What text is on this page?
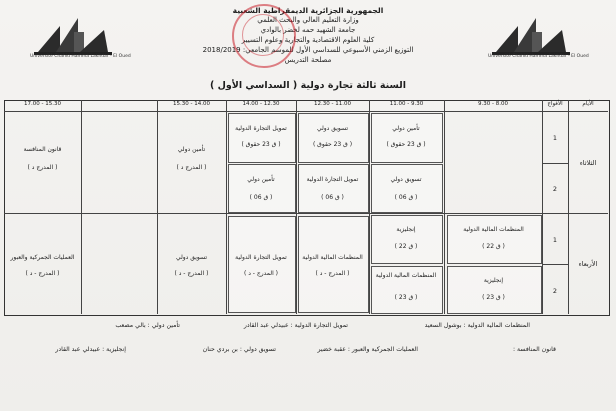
Université Chahid Hamma Lakhdar - El Oued	Université Chahid Hamma Lakhdar - El Oued
الجمهورية الجزائرية الديمقراطية الشعبية
وزارة التعليم العالي والبحث العلمي
جامعة الشهيد حمه لخضر بالوادي
كلية العلوم الاقتصادية والتجارية وعلوم التسيير
التوزيع الزمني الأسبوعي للسداسي الأول للموسم الجامعي: 2018/2019
مصلحة التدريس
السنة ثالثة تجارة دولية ( السداسي الأول )
الأيام
الأفواج
8.00 - 9.30
9.30 - 11.00
11.00 - 12.30
12.30 - 14.00
14.00 - 15.30
15.30 - 17.00
الثلاثاء
الأربعاء
1
2
1
2
تأمين دولي
( ق 23 حقوق )
تسويق دولي
( ق 06 )
تسويق دولي
( ق 23 حقوق )
تمويل التجارة الدولية
( ق 06 )
تمويل التجارة الدولية
( ق 23 حقوق )
تأمين دولي
( ق 06 )
تأمين دولي
( المدرج د )
قانون المنافسة
( المدرج د )
المنظمات المالية الدولية
( ق 22 )
إنجليزية
( ق 23 )
إنجليزية
( ق 22 )
المنظمات المالية الدولية
( ق 23 )
المنظمات المالية الدولية
( المدرج - د )
تمويل التجارة الدولية
( المدرج - د )
تسويق دولي
( المدرج - د )
العمليات الجمركية والعبور
( المدرج - د )
المنظمات المالية الدولية : بوشول السعيد
تمويل التجارة الدولية : عبيدلي عبد القادر
تأمين دولي : بالي مصعب
قانون المنافسة :
العمليات الجمركية والعبور : عقبة خضير
تسويق دولي : بن بردي حنان
إنجليزية : عبيدلي عبد القادر
